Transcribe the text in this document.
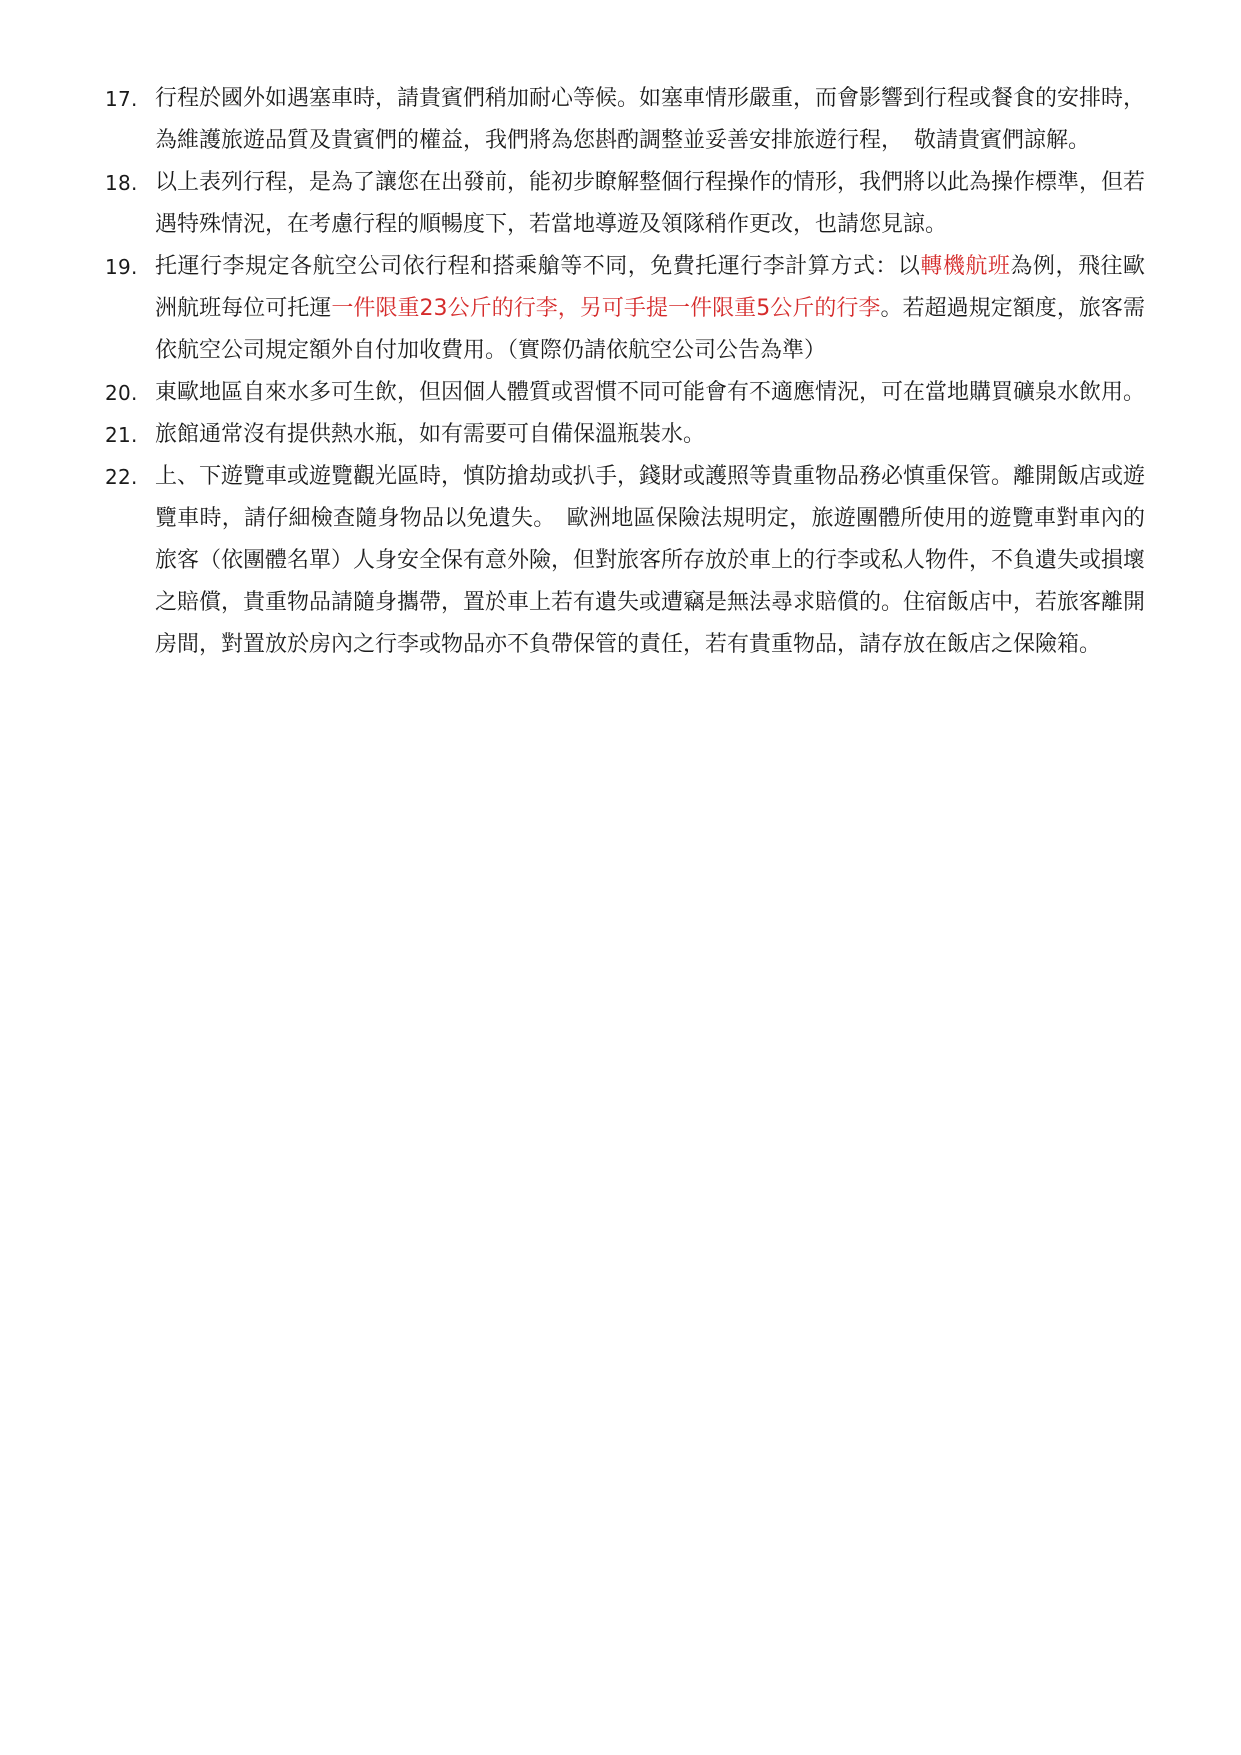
17. 行程於國外如遇塞車時，請貴賓們稍加耐心等候。如塞車情形嚴重，而會影響到行程或餐食的安排時，為維護旅遊品質及貴賓們的權益，我們將為您斟酌調整並妥善安排旅遊行程，　敬請貴賓們諒解。
18. 以上表列行程，是為了讓您在出發前，能初步瞭解整個行程操作的情形，我們將以此為操作標準，但若遇特殊情況，在考慮行程的順暢度下，若當地導遊及領隊稍作更改，也請您見諒。
19. 托運行李規定各航空公司依行程和搭乘艙等不同，免費托運行李計算方式：以轉機航班為例，飛往歐洲航班每位可托運一件限重23公斤的行李，另可手提一件限重5公斤的行李。若超過規定額度，旅客需依航空公司規定額外自付加收費用。（實際仍請依航空公司公告為準）
20. 東歐地區自來水多可生飲，但因個人體質或習慣不同可能會有不適應情況，可在當地購買礦泉水飲用。
21. 旅館通常沒有提供熱水瓶，如有需要可自備保溫瓶裝水。
22. 上、下遊覽車或遊覽觀光區時，慎防搶劫或扒手，錢財或護照等貴重物品務必慎重保管。離開飯店或遊覽車時，請仔細檢查隨身物品以免遺失。　歐洲地區保險法規明定，旅遊團體所使用的遊覽車對車內的旅客（依團體名單）人身安全保有意外險，但對旅客所存放於車上的行李或私人物件，不負遺失或損壞之賠償，貴重物品請隨身攜帶，置於車上若有遺失或遭竊是無法尋求賠償的。住宿飯店中，若旅客離開房間，對置放於房內之行李或物品亦不負帶保管的責任，若有貴重物品，請存放在飯店之保險箱。
